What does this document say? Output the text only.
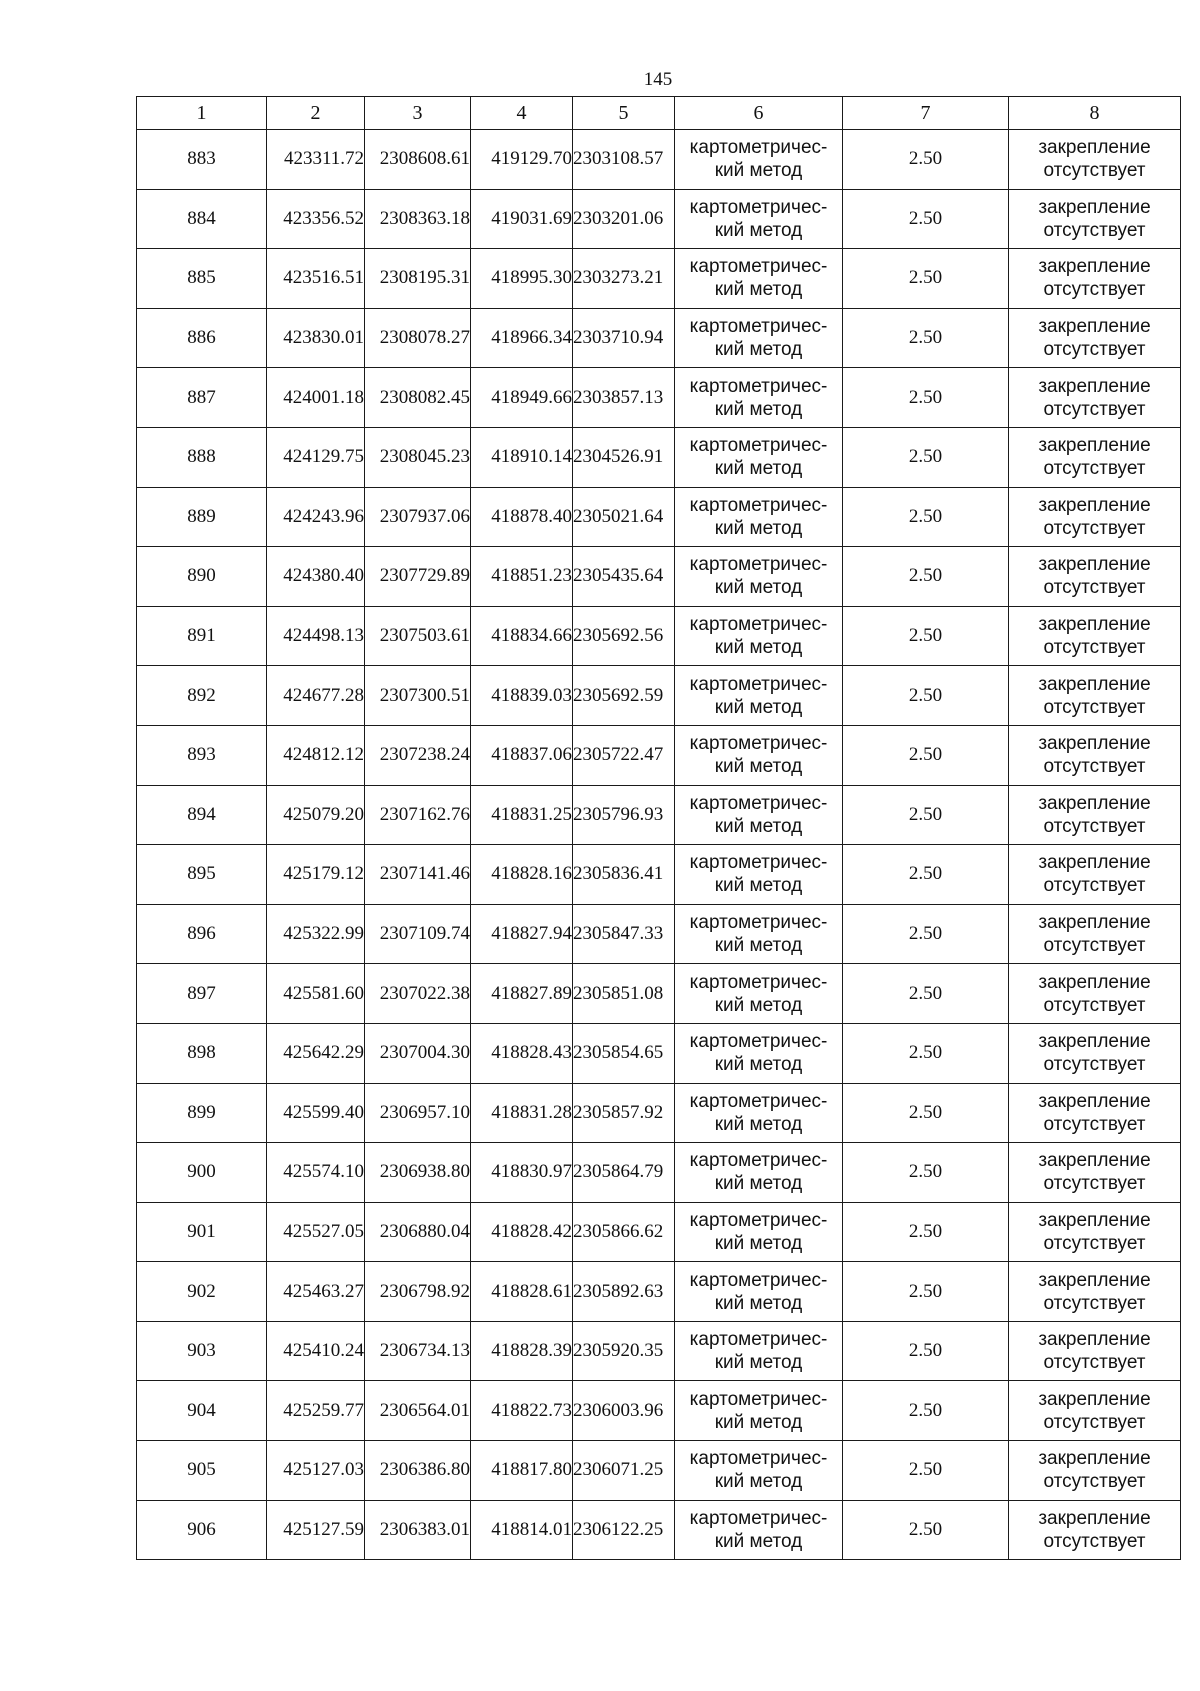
145
1	2	3	4	5	6	7	8
883	423311.72	2308608.61	419129.70	2303108.57	картометричес-
кий метод	2.50	закрепление
отсутствует

884	423356.52	2308363.18	419031.69	2303201.06	картометричес-
кий метод	2.50	закрепление
отсутствует

885	423516.51	2308195.31	418995.30	2303273.21	картометричес-
кий метод	2.50	закрепление
отсутствует

886	423830.01	2308078.27	418966.34	2303710.94	картометричес-
кий метод	2.50	закрепление
отсутствует

887	424001.18	2308082.45	418949.66	2303857.13	картометричес-
кий метод	2.50	закрепление
отсутствует

888	424129.75	2308045.23	418910.14	2304526.91	картометричес-
кий метод	2.50	закрепление
отсутствует

889	424243.96	2307937.06	418878.40	2305021.64	картометричес-
кий метод	2.50	закрепление
отсутствует

890	424380.40	2307729.89	418851.23	2305435.64	картометричес-
кий метод	2.50	закрепление
отсутствует

891	424498.13	2307503.61	418834.66	2305692.56	картометричес-
кий метод	2.50	закрепление
отсутствует

892	424677.28	2307300.51	418839.03	2305692.59	картометричес-
кий метод	2.50	закрепление
отсутствует

893	424812.12	2307238.24	418837.06	2305722.47	картометричес-
кий метод	2.50	закрепление
отсутствует

894	425079.20	2307162.76	418831.25	2305796.93	картометричес-
кий метод	2.50	закрепление
отсутствует

895	425179.12	2307141.46	418828.16	2305836.41	картометричес-
кий метод	2.50	закрепление
отсутствует

896	425322.99	2307109.74	418827.94	2305847.33	картометричес-
кий метод	2.50	закрепление
отсутствует

897	425581.60	2307022.38	418827.89	2305851.08	картометричес-
кий метод	2.50	закрепление
отсутствует

898	425642.29	2307004.30	418828.43	2305854.65	картометричес-
кий метод	2.50	закрепление
отсутствует

899	425599.40	2306957.10	418831.28	2305857.92	картометричес-
кий метод	2.50	закрепление
отсутствует

900	425574.10	2306938.80	418830.97	2305864.79	картометричес-
кий метод	2.50	закрепление
отсутствует

901	425527.05	2306880.04	418828.42	2305866.62	картометричес-
кий метод	2.50	закрепление
отсутствует

902	425463.27	2306798.92	418828.61	2305892.63	картометричес-
кий метод	2.50	закрепление
отсутствует

903	425410.24	2306734.13	418828.39	2305920.35	картометричес-
кий метод	2.50	закрепление
отсутствует

904	425259.77	2306564.01	418822.73	2306003.96	картометричес-
кий метод	2.50	закрепление
отсутствует

905	425127.03	2306386.80	418817.80	2306071.25	картометричес-
кий метод	2.50	закрепление
отсутствует

906	425127.59	2306383.01	418814.01	2306122.25	картометричес-
кий метод	2.50	закрепление
отсутствует
